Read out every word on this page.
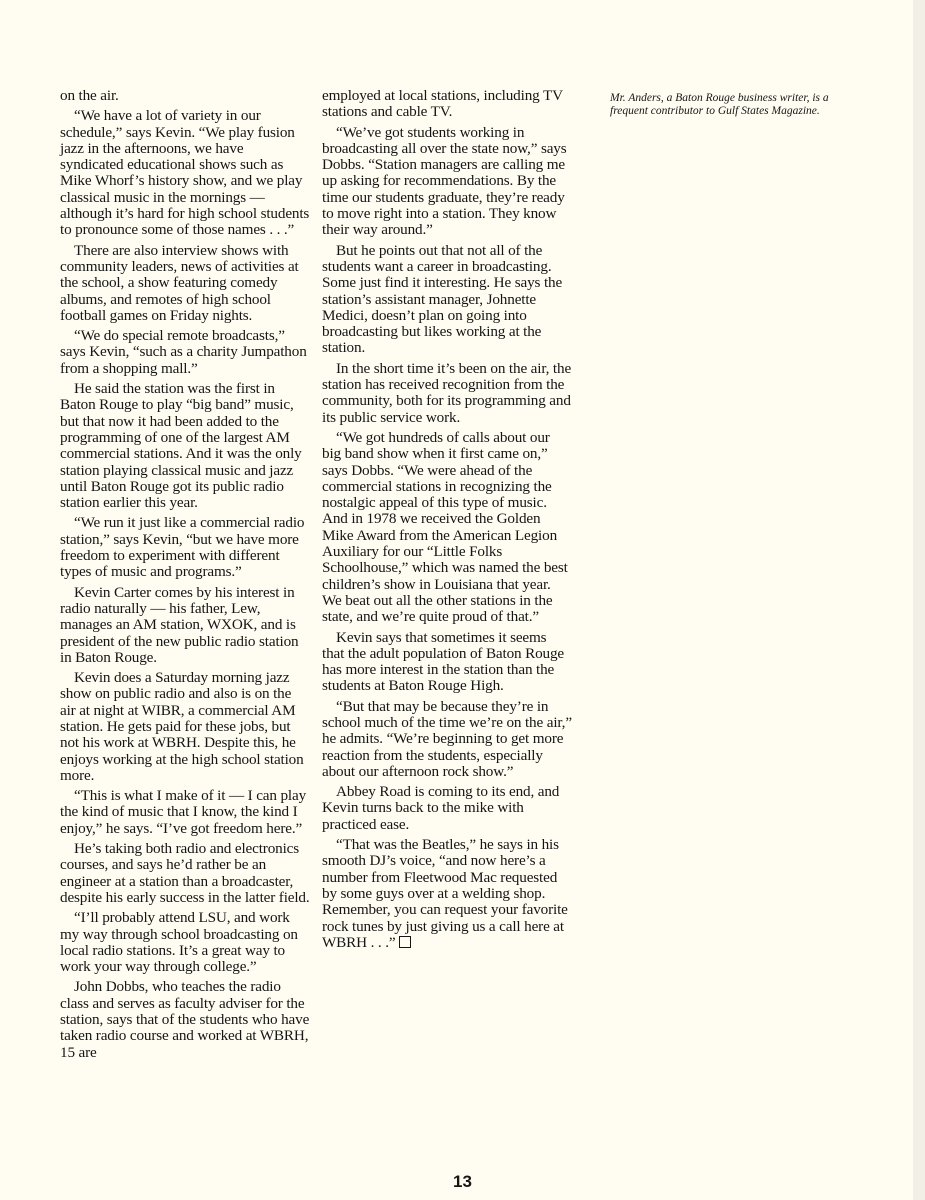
on the air.

“We have a lot of variety in our schedule,” says Kevin. “We play fusion jazz in the afternoons, we have syndicated educational shows such as Mike Whorf’s history show, and we play classical music in the mornings — although it’s hard for high school students to pronounce some of those names . . .”

There are also interview shows with community leaders, news of activities at the school, a show featuring comedy albums, and remotes of high school football games on Friday nights.

“We do special remote broadcasts,” says Kevin, “such as a charity Jumpathon from a shopping mall.”

He said the station was the first in Baton Rouge to play “big band” music, but that now it had been added to the programming of one of the largest AM commercial stations. And it was the only station playing classical music and jazz until Baton Rouge got its public radio station earlier this year.

“We run it just like a commercial radio station,” says Kevin, “but we have more freedom to experiment with different types of music and programs.”

Kevin Carter comes by his interest in radio naturally — his father, Lew, manages an AM station, WXOK, and is president of the new public radio station in Baton Rouge.

Kevin does a Saturday morning jazz show on public radio and also is on the air at night at WIBR, a commercial AM station. He gets paid for these jobs, but not his work at WBRH. Despite this, he enjoys working at the high school station more.

“This is what I make of it — I can play the kind of music that I know, the kind I enjoy,” he says. “I’ve got freedom here.”

He’s taking both radio and electronics courses, and says he’d rather be an engineer at a station than a broadcaster, despite his early success in the latter field.

“I’ll probably attend LSU, and work my way through school broadcasting on local radio stations. It’s a great way to work your way through college.”

John Dobbs, who teaches the radio class and serves as faculty adviser for the station, says that of the students who have taken radio course and worked at WBRH, 15 are

employed at local stations, including TV stations and cable TV.

“We’ve got students working in broadcasting all over the state now,” says Dobbs. “Station managers are calling me up asking for recommendations. By the time our students graduate, they’re ready to move right into a station. They know their way around.”

But he points out that not all of the students want a career in broadcasting. Some just find it interesting. He says the station’s assistant manager, Johnette Medici, doesn’t plan on going into broadcasting but likes working at the station.

In the short time it’s been on the air, the station has received recognition from the community, both for its programming and its public service work.

“We got hundreds of calls about our big band show when it first came on,” says Dobbs. “We were ahead of the commercial stations in recognizing the nostalgic appeal of this type of music. And in 1978 we received the Golden Mike Award from the American Legion Auxiliary for our “Little Folks Schoolhouse,” which was named the best children’s show in Louisiana that year. We beat out all the other stations in the state, and we’re quite proud of that.”

Kevin says that sometimes it seems that the adult population of Baton Rouge has more interest in the station than the students at Baton Rouge High.

“But that may be because they’re in school much of the time we’re on the air,” he admits. “We’re beginning to get more reaction from the students, especially about our afternoon rock show.”

Abbey Road is coming to its end, and Kevin turns back to the mike with practiced ease.

“That was the Beatles,” he says in his smooth DJ’s voice, “and now here’s a number from Fleetwood Mac requested by some guys over at a welding shop. Remember, you can request your favorite rock tunes by just giving us a call here at WBRH . . .”

Mr. Anders, a Baton Rouge business writer, is a frequent contributor to Gulf States Magazine.
13
